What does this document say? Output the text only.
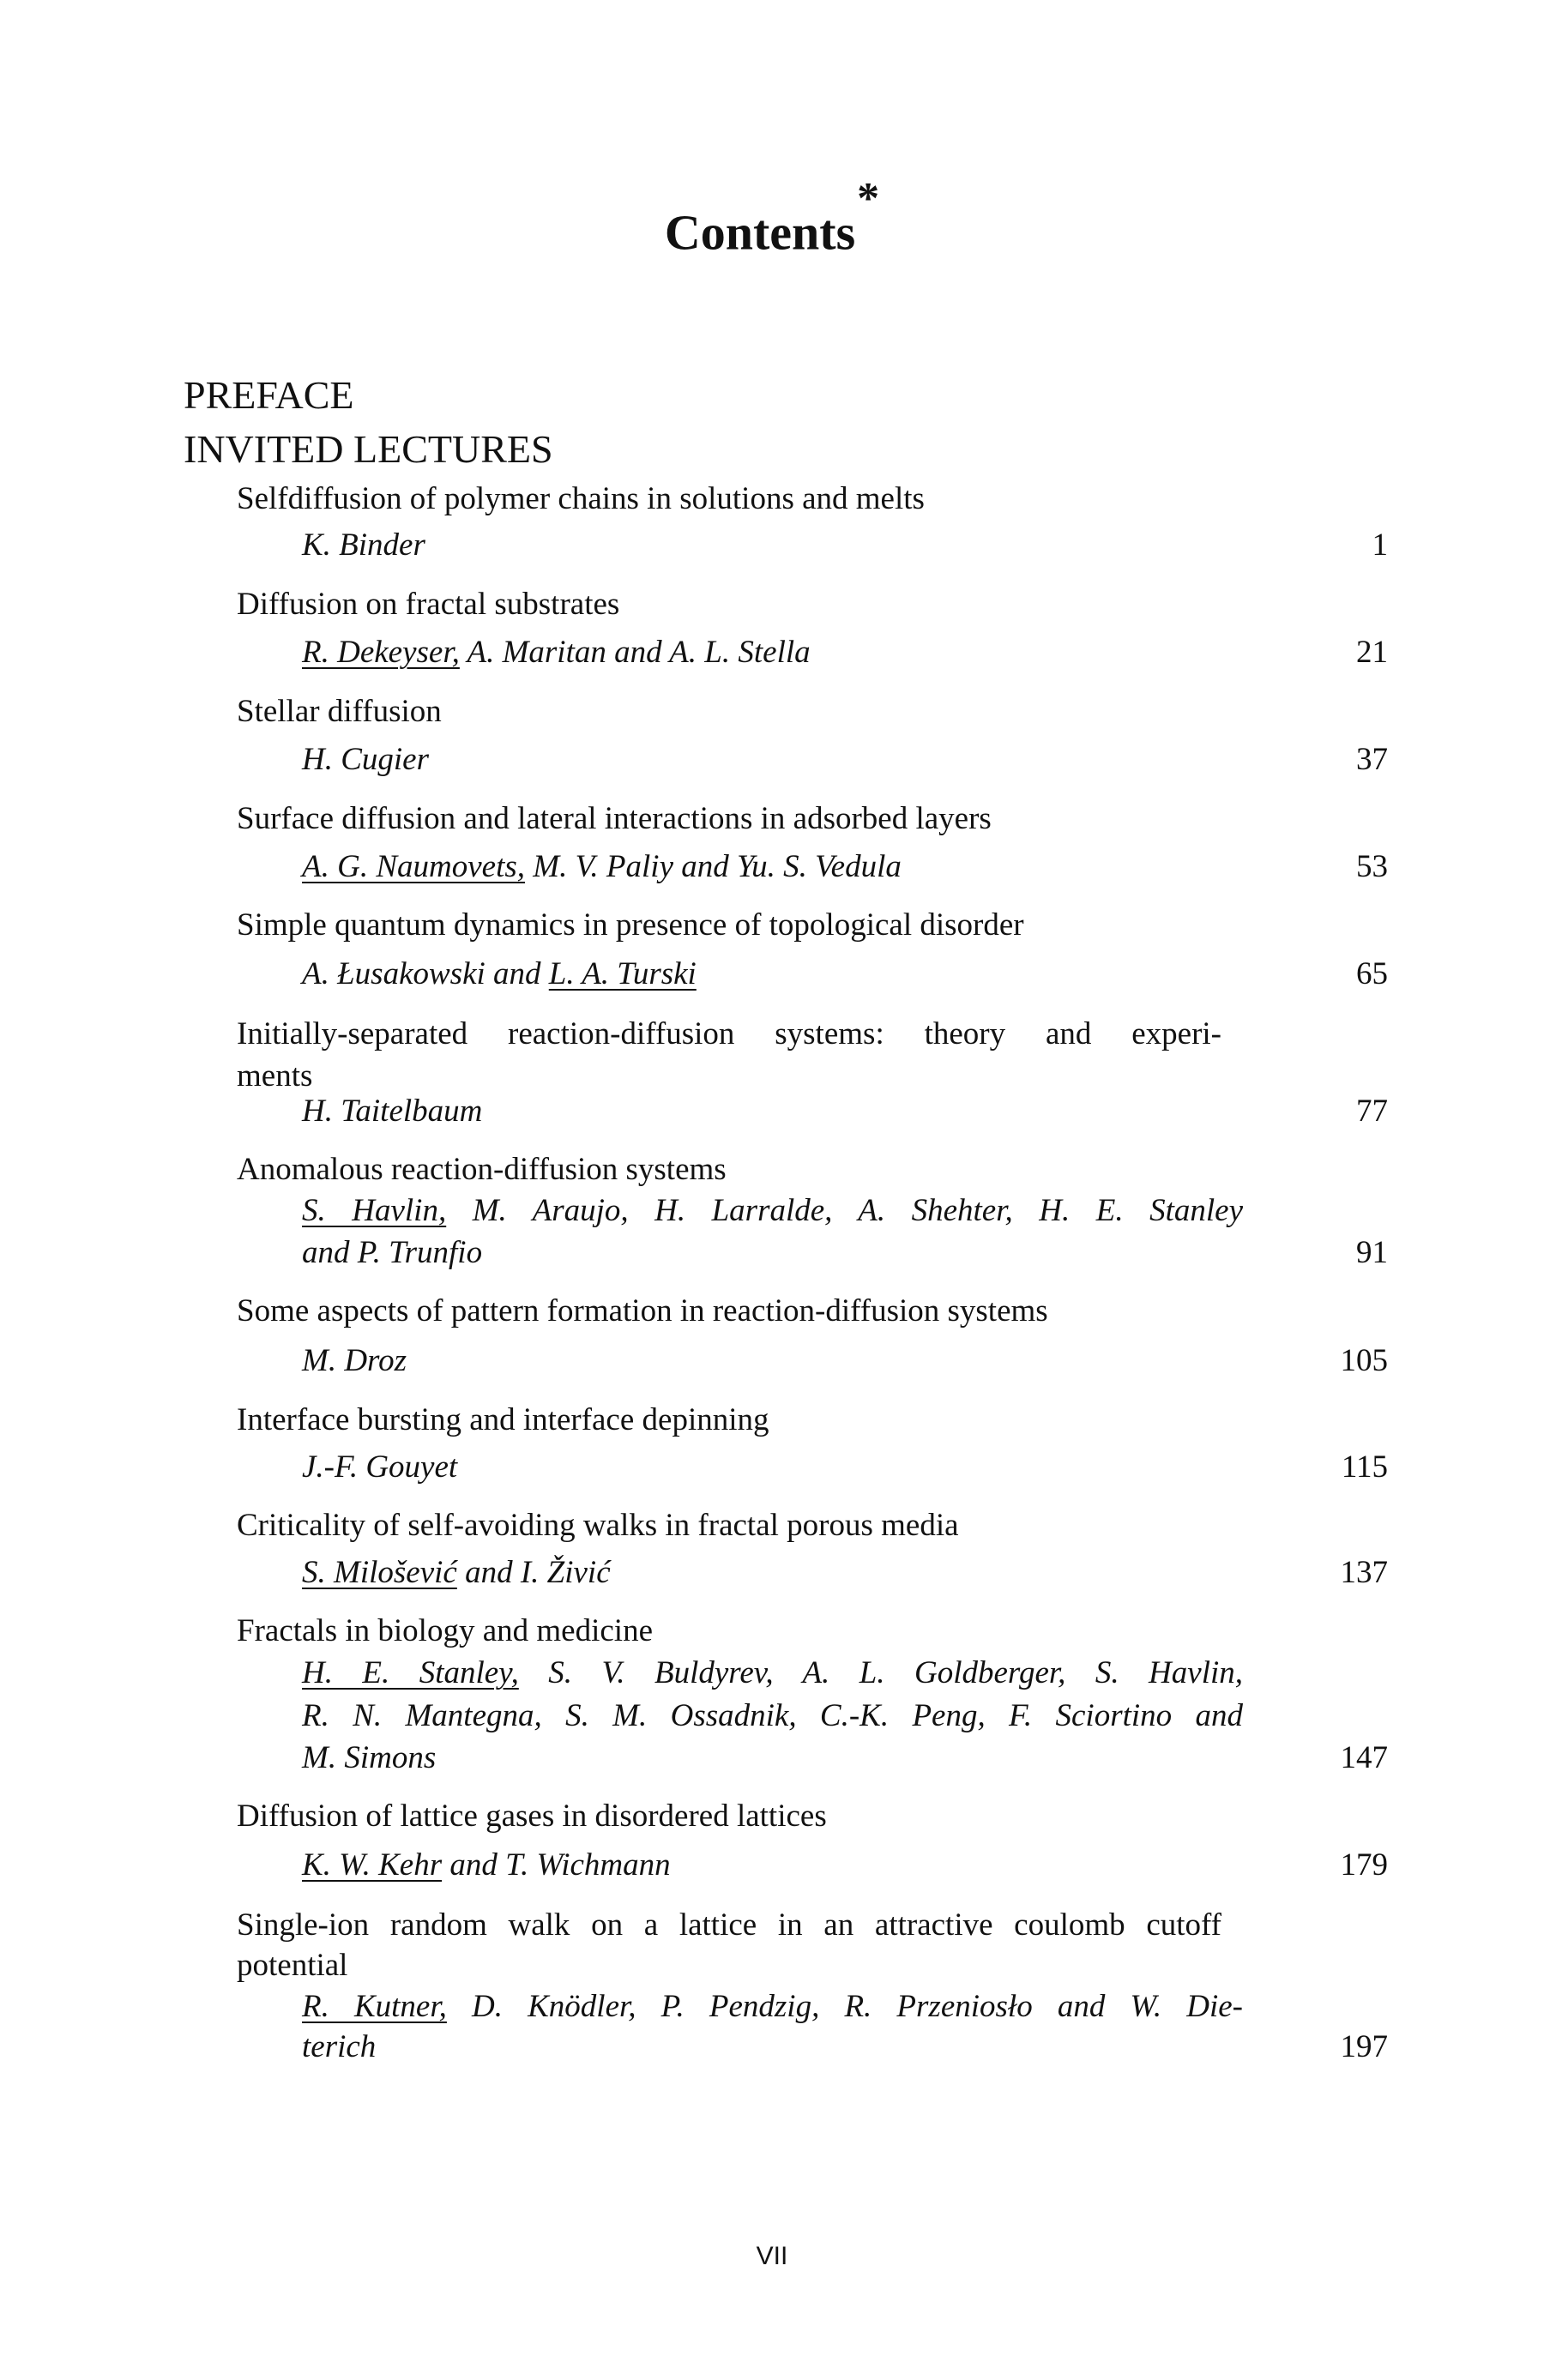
Contents*
PREFACE
INVITED LECTURES
Selfdiffusion of polymer chains in solutions and melts
K. Binder	1
Diffusion on fractal substrates
R. Dekeyser, A. Maritan and A. L. Stella	21
Stellar diffusion
H. Cugier	37
Surface diffusion and lateral interactions in adsorbed layers
A. G. Naumovets, M. V. Paliy and Yu. S. Vedula	53
Simple quantum dynamics in presence of topological disorder
A. Łusakowski and L. A. Turski	65
Initially-separated reaction-diffusion systems: theory and experi-
ments
H. Taitelbaum	77
Anomalous reaction-diffusion systems
S. Havlin, M. Araujo, H. Larralde, A. Shehter, H. E. Stanley
and P. Trunfio	91
Some aspects of pattern formation in reaction-diffusion systems
M. Droz	105
Interface bursting and interface depinning
J.-F. Gouyet	115
Criticality of self-avoiding walks in fractal porous media
S. Milošević and I. Živić	137
Fractals in biology and medicine
H. E. Stanley, S. V. Buldyrev, A. L. Goldberger, S. Havlin,
R. N. Mantegna, S. M. Ossadnik, C.-K. Peng, F. Sciortino and
M. Simons	147
Diffusion of lattice gases in disordered lattices
K. W. Kehr and T. Wichmann	179
Single-ion random walk on a lattice in an attractive coulomb cutoff
potential
R. Kutner, D. Knödler, P. Pendzig, R. Przeniosło and W. Die-
terich	197
VII
